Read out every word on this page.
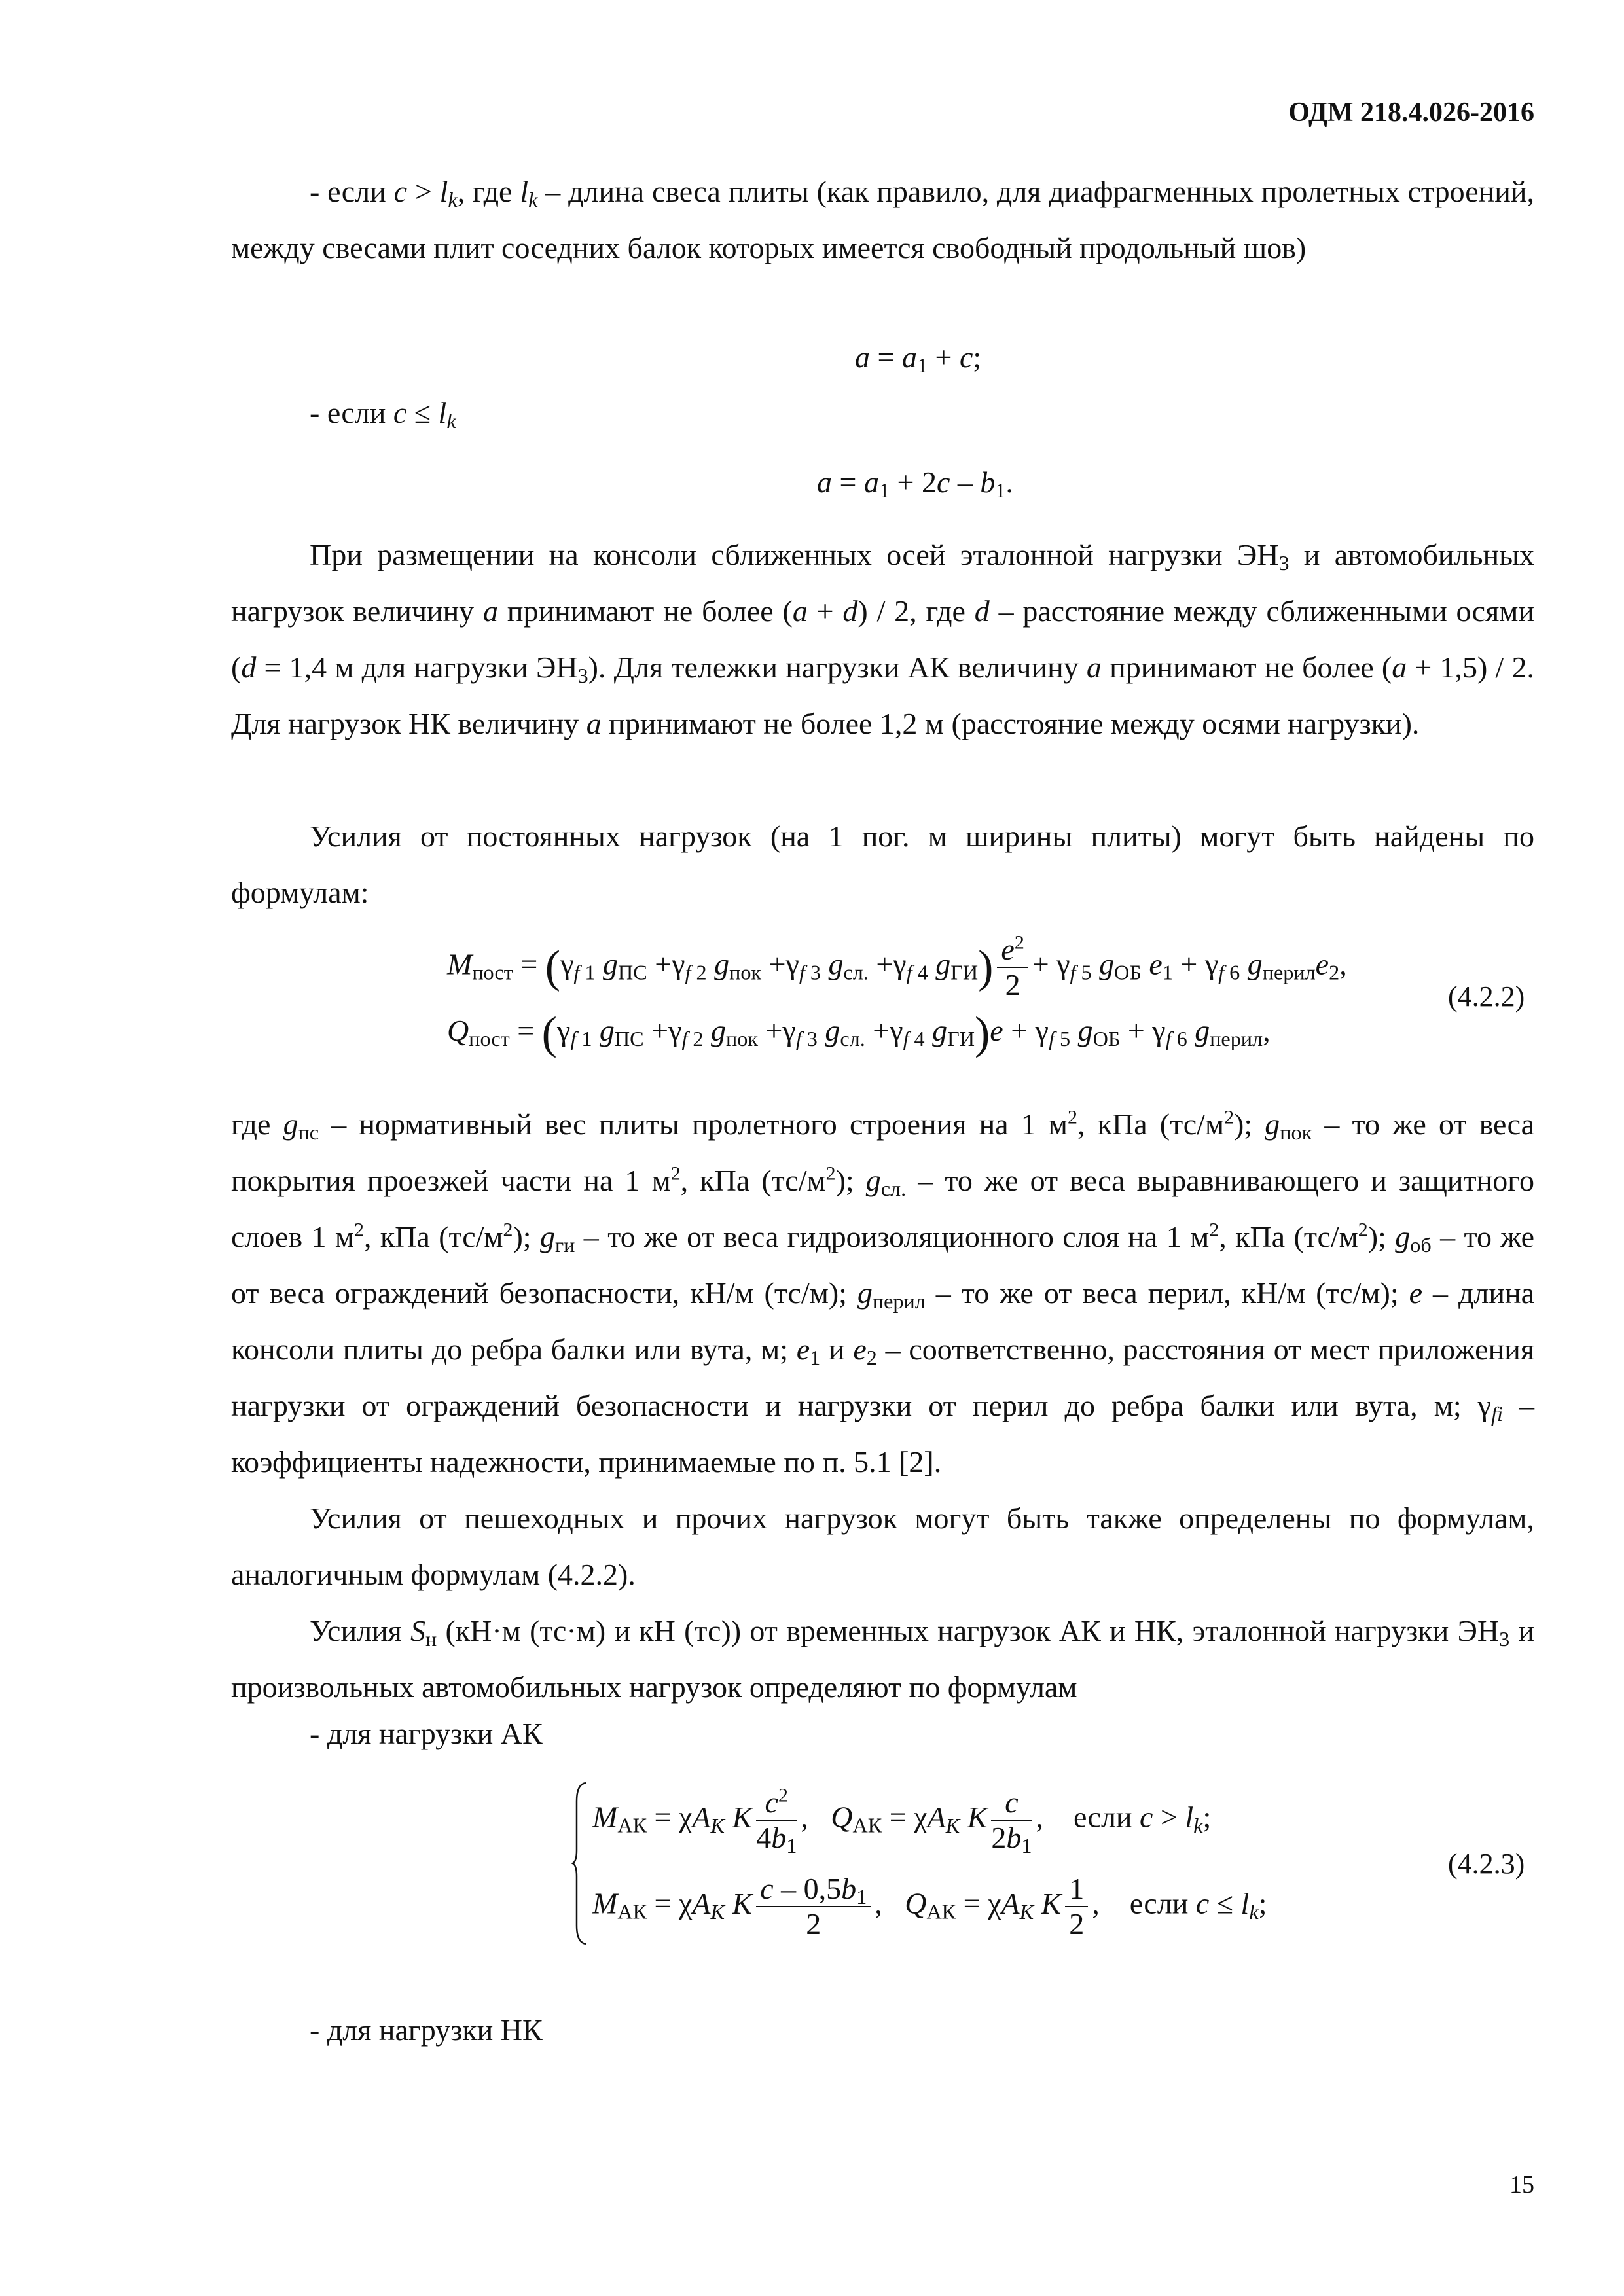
ОДМ 218.4.026-2016

- если $c > l_k$, где $l_k$ – длина свеса плиты (как правило, для диафрагменных пролетных строений, между свесами плит соседних балок которых имеется свободный продольный шов)

$a = a_1 + c$;
- если $c \le l_k$
$a = a_1 + 2c - b_1$.

При размещении на консоли сближенных осей эталонной нагрузки $ЭН_3$ и автомобильных нагрузок величину a принимают не более (a + d) / 2, где d – расстояние между сближенными осями (d = 1,4 м для нагрузки $ЭН_3$). Для тележки нагрузки АК величину a принимают не более (a + 1,5) / 2. Для нагрузок НК величину a принимают не более 1,2 м (расстояние между осями нагрузки).

Усилия от постоянных нагрузок (на 1 пог. м ширины плиты) могут быть найдены по формулам:

$M_{пост} = (\gamma_{f 1}$ $g_{ПС} +\gamma_{f 2}$ $g_{пок} +\gamma_{f 3}$ $g_{сл.} +\gamma_{f 4}$ $g_{ГИ}) \frac{e^2}{2} + \gamma_{f 5}$ $g_{ОБ}$ $e_1 + \gamma_{f 6}$ $g_{перил}e_2$,
$Q_{пост} = (\gamma_{f 1}$ $g_{ПС} +\gamma_{f 2}$ $g_{пок} +\gamma_{f 3}$ $g_{сл.} +\gamma_{f 4}$ $g_{ГИ})e + \gamma_{f 5}$ $g_{ОБ} + \gamma_{f 6}$ $g_{перил}$,
(4.2.2)

где $g_{пс}$ – нормативный вес плиты пролетного строения на 1 $м^2$, кПа $(тс/м^2)$; $g_{пок}$ – то же от веса покрытия проезжей части на 1 $м^2$, кПа $(тс/м^2)$; $g_{сл.}$ – то же от веса выравнивающего и защитного слоев 1 $м^2$, кПа $(тс/м^2)$; $g_{ги}$ – то же от веса гидроизоляционного слоя на 1 $м^2$, кПа $(тс/м^2)$; $g_{об}$ – то же от веса ограждений безопасности, кН/м (тс/м); $g_{перил}$ – то же от веса перил, кН/м (тс/м); e – длина консоли плиты до ребра балки или вута, м; $e_1$ и $e_2$ – соответственно, расстояния от мест приложения нагрузки от ограждений безопасности и нагрузки от перил до ребра балки или вута, м; $\gamma_{fi}$ – коэффициенты надежности, принимаемые по п. 5.1 [2].

Усилия от пешеходных и прочих нагрузок могут быть также определены по формулам, аналогичным формулам (4.2.2).

Усилия $S_н$ (кН·м (тс·м) и кН (тс)) от временных нагрузок АК и НК, эталонной нагрузки $ЭН_3$ и произвольных автомобильных нагрузок определяют по формулам

- для нагрузки АК
$M_{АК} = \chi A_K$ K $\frac{c^2}{4b_1}$ ,   $Q_{АК} = \chi A_K$ K $\frac{c}{2b_1}$ ,    если $c > l_k$;
$M_{АК} = \chi A_K$ K $\frac{c - 0,5b_1}{2}$ ,   $Q_{АК} = \chi A_K$ K $\frac{1}{2}$ ,    если $c \le l_k$;
(4.2.3)
- для нагрузки НК
15
